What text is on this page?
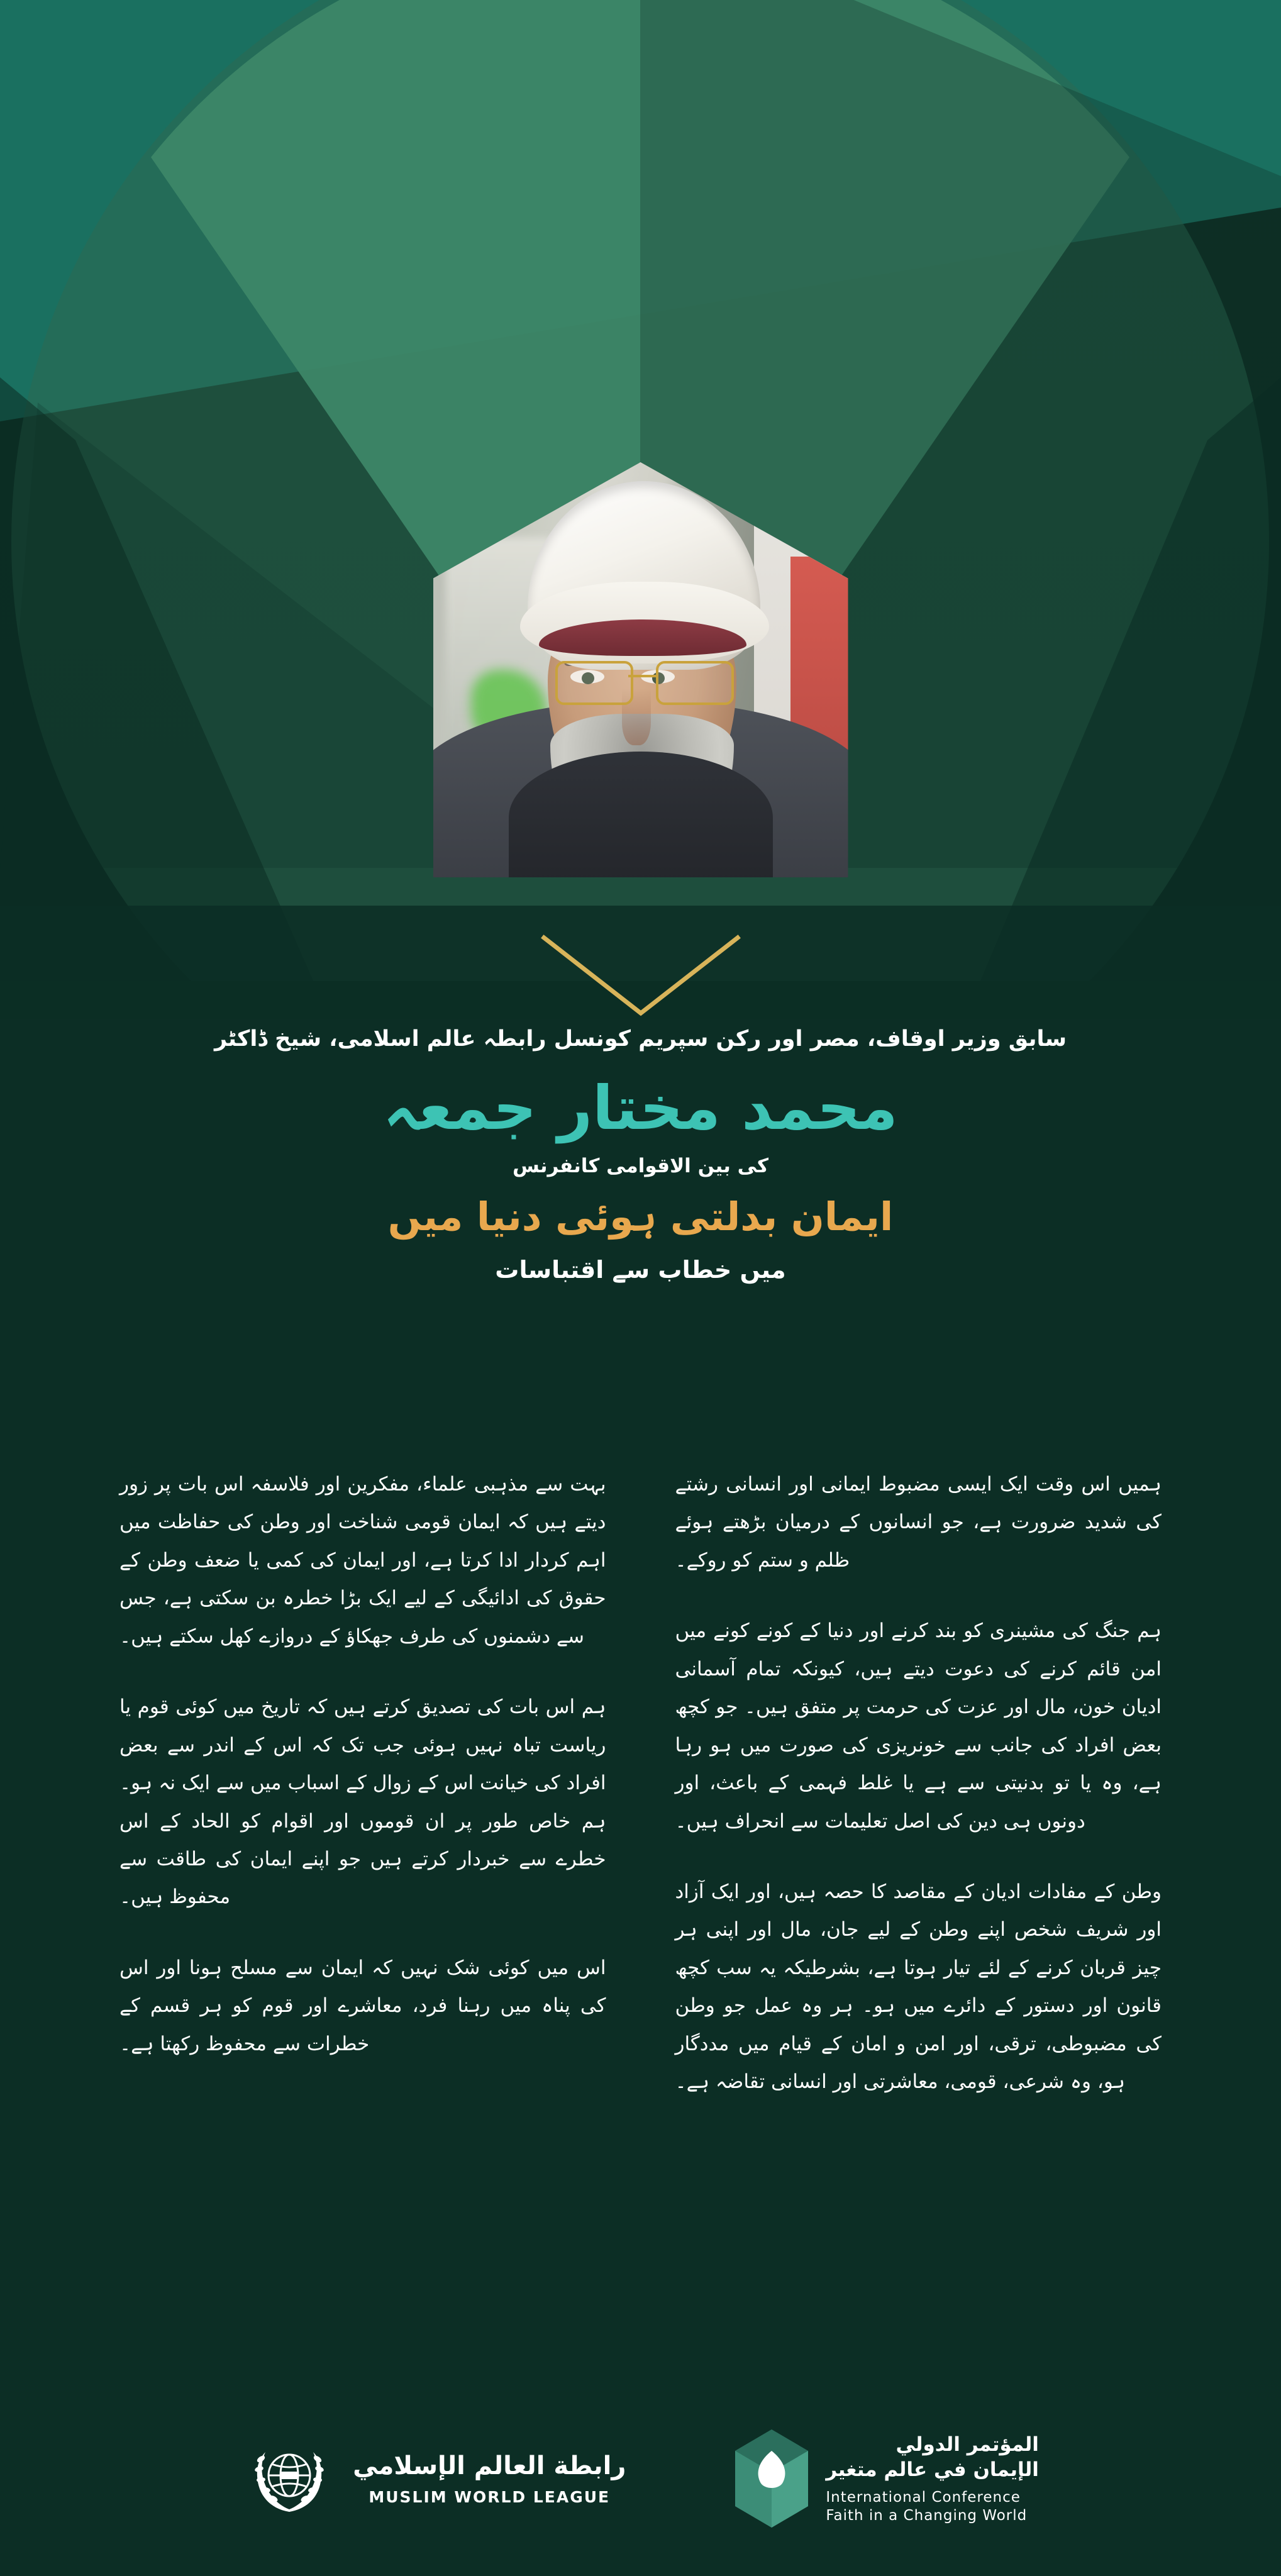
سابق وزیر اوقاف، مصر اور رکن سپریم کونسل رابطہ عالم اسلامی، شیخ ڈاکٹر
محمد مختار جمعہ
کی بین الاقوامی کانفرنس
ایمان بدلتی ہوئی دنیا میں
میں خطاب سے اقتباسات

ہمیں اس وقت ایک ایسی مضبوط ایمانی اور انسانی رشتے کی شدید ضرورت ہے، جو انسانوں کے درمیان بڑھتے ہوئے ظلم و ستم کو روکے۔

ہم جنگ کی مشینری کو بند کرنے اور دنیا کے کونے کونے میں امن قائم کرنے کی دعوت دیتے ہیں، کیونکہ تمام آسمانی ادیان خون، مال اور عزت کی حرمت پر متفق ہیں۔ جو کچھ بعض افراد کی جانب سے خونریزی کی صورت میں ہو رہا ہے، وہ یا تو بدنیتی سے ہے یا غلط فہمی کے باعث، اور دونوں ہی دین کی اصل تعلیمات سے انحراف ہیں۔

وطن کے مفادات ادیان کے مقاصد کا حصہ ہیں، اور ایک آزاد اور شریف شخص اپنے وطن کے لیے جان، مال اور اپنی ہر چیز قربان کرنے کے لئے تیار ہوتا ہے، بشرطیکہ یہ سب کچھ قانون اور دستور کے دائرے میں ہو۔ ہر وہ عمل جو وطن کی مضبوطی، ترقی، اور امن و امان کے قیام میں مددگار ہو، وہ شرعی، قومی، معاشرتی اور انسانی تقاضہ ہے۔

بہت سے مذہبی علماء، مفکرین اور فلاسفہ اس بات پر زور دیتے ہیں کہ ایمان قومی شناخت اور وطن کی حفاظت میں اہم کردار ادا کرتا ہے، اور ایمان کی کمی یا ضعف وطن کے حقوق کی ادائیگی کے لیے ایک بڑا خطرہ بن سکتی ہے، جس سے دشمنوں کی طرف جھکاؤ کے دروازے کھل سکتے ہیں۔

ہم اس بات کی تصدیق کرتے ہیں کہ تاریخ میں کوئی قوم یا ریاست تباہ نہیں ہوئی جب تک کہ اس کے اندر سے بعض افراد کی خیانت اس کے زوال کے اسباب میں سے ایک نہ ہو۔ ہم خاص طور پر ان قوموں اور اقوام کو الحاد کے اس خطرے سے خبردار کرتے ہیں جو اپنے ایمان کی طاقت سے محفوظ ہیں۔

اس میں کوئی شک نہیں کہ ایمان سے مسلح ہونا اور اس کی پناہ میں رہنا فرد، معاشرے اور قوم کو ہر قسم کے خطرات سے محفوظ رکھتا ہے۔

المؤتمر الدولي
الإيمان في عالم متغير
International Conference
Faith in a Changing World
رابطة العالم الإسلامي
MUSLIM WORLD LEAGUE
